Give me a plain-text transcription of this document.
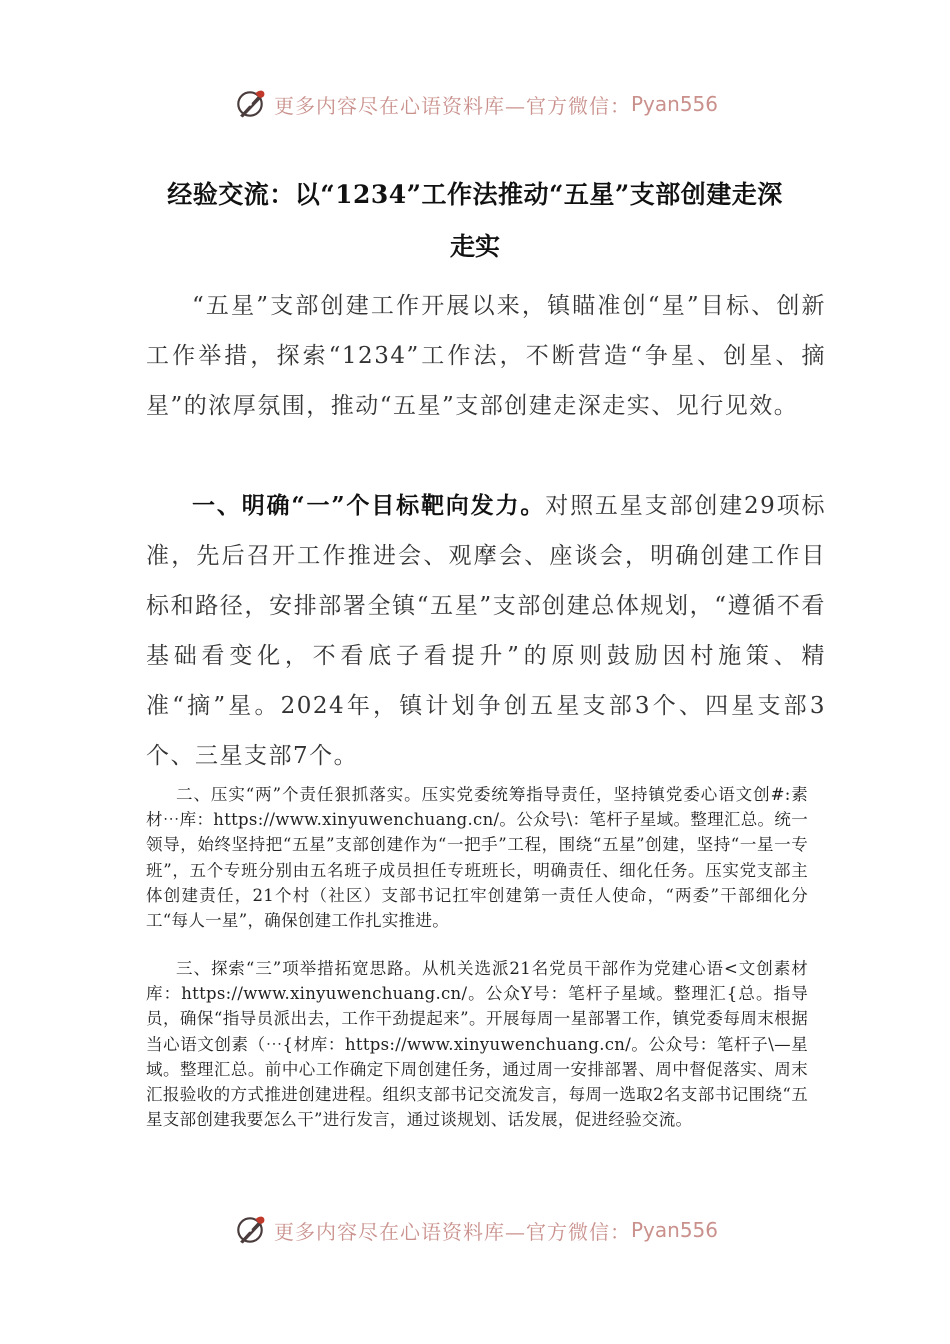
更多内容尽在心语资料库—官方微信： Pyan556
经验交流：以“1234”工作法推动“五星”支部创建走深
走实

“五星”支部创建工作开展以来，镇瞄准创“星”目标、创新工作举措，探索“1234”工作法，不断营造“争星、创星、摘星”的浓厚氛围，推动“五星”支部创建走深走实、见行见效。

一、明确“一”个目标靶向发力。对照五星支部创建29项标准，先后召开工作推进会、观摩会、座谈会，明确创建工作目标和路径，安排部署全镇“五星”支部创建总体规划，“遵循不看基础看变化，不看底子看提升”的原则鼓励因村施策、精准“摘”星。2024年，镇计划争创五星支部3个、四星支部3个、三星支部7个。

二、压实“两”个责任狠抓落实。压实党委统筹指导责任，坚持镇党委心语文创#:素材⋯库：https://www.xinyuwenchuang.cn/。公众号\：笔杆子星域。整理汇总。统一领导，始终坚持把“五星”支部创建作为“一把手”工程，围绕“五星”创建，坚持“一星一专班”，五个专班分别由五名班子成员担任专班班长，明确责任、细化任务。压实党支部主体创建责任，21个村（社区）支部书记扛牢创建第一责任人使命，“两委”干部细化分工“每人一星”，确保创建工作扎实推进。

三、探索“三”项举措拓宽思路。从机关选派21名党员干部作为党建心语<文创素材库：https://www.xinyuwenchuang.cn/。公众Y号：笔杆子星域。整理汇{总。指导员，确保“指导员派出去，工作干劲提起来”。开展每周一星部署工作，镇党委每周末根据当心语文创素（⋯{材库：https://www.xinyuwenchuang.cn/。公众号：笔杆子\—星域。整理汇总。前中心工作确定下周创建任务，通过周一安排部署、周中督促落实、周末汇报验收的方式推进创建进程。组织支部书记交流发言，每周一选取2名支部书记围绕“五星支部创建我要怎么干”进行发言，通过谈规划、话发展，促进经验交流。

更多内容尽在心语资料库—官方微信： Pyan556
